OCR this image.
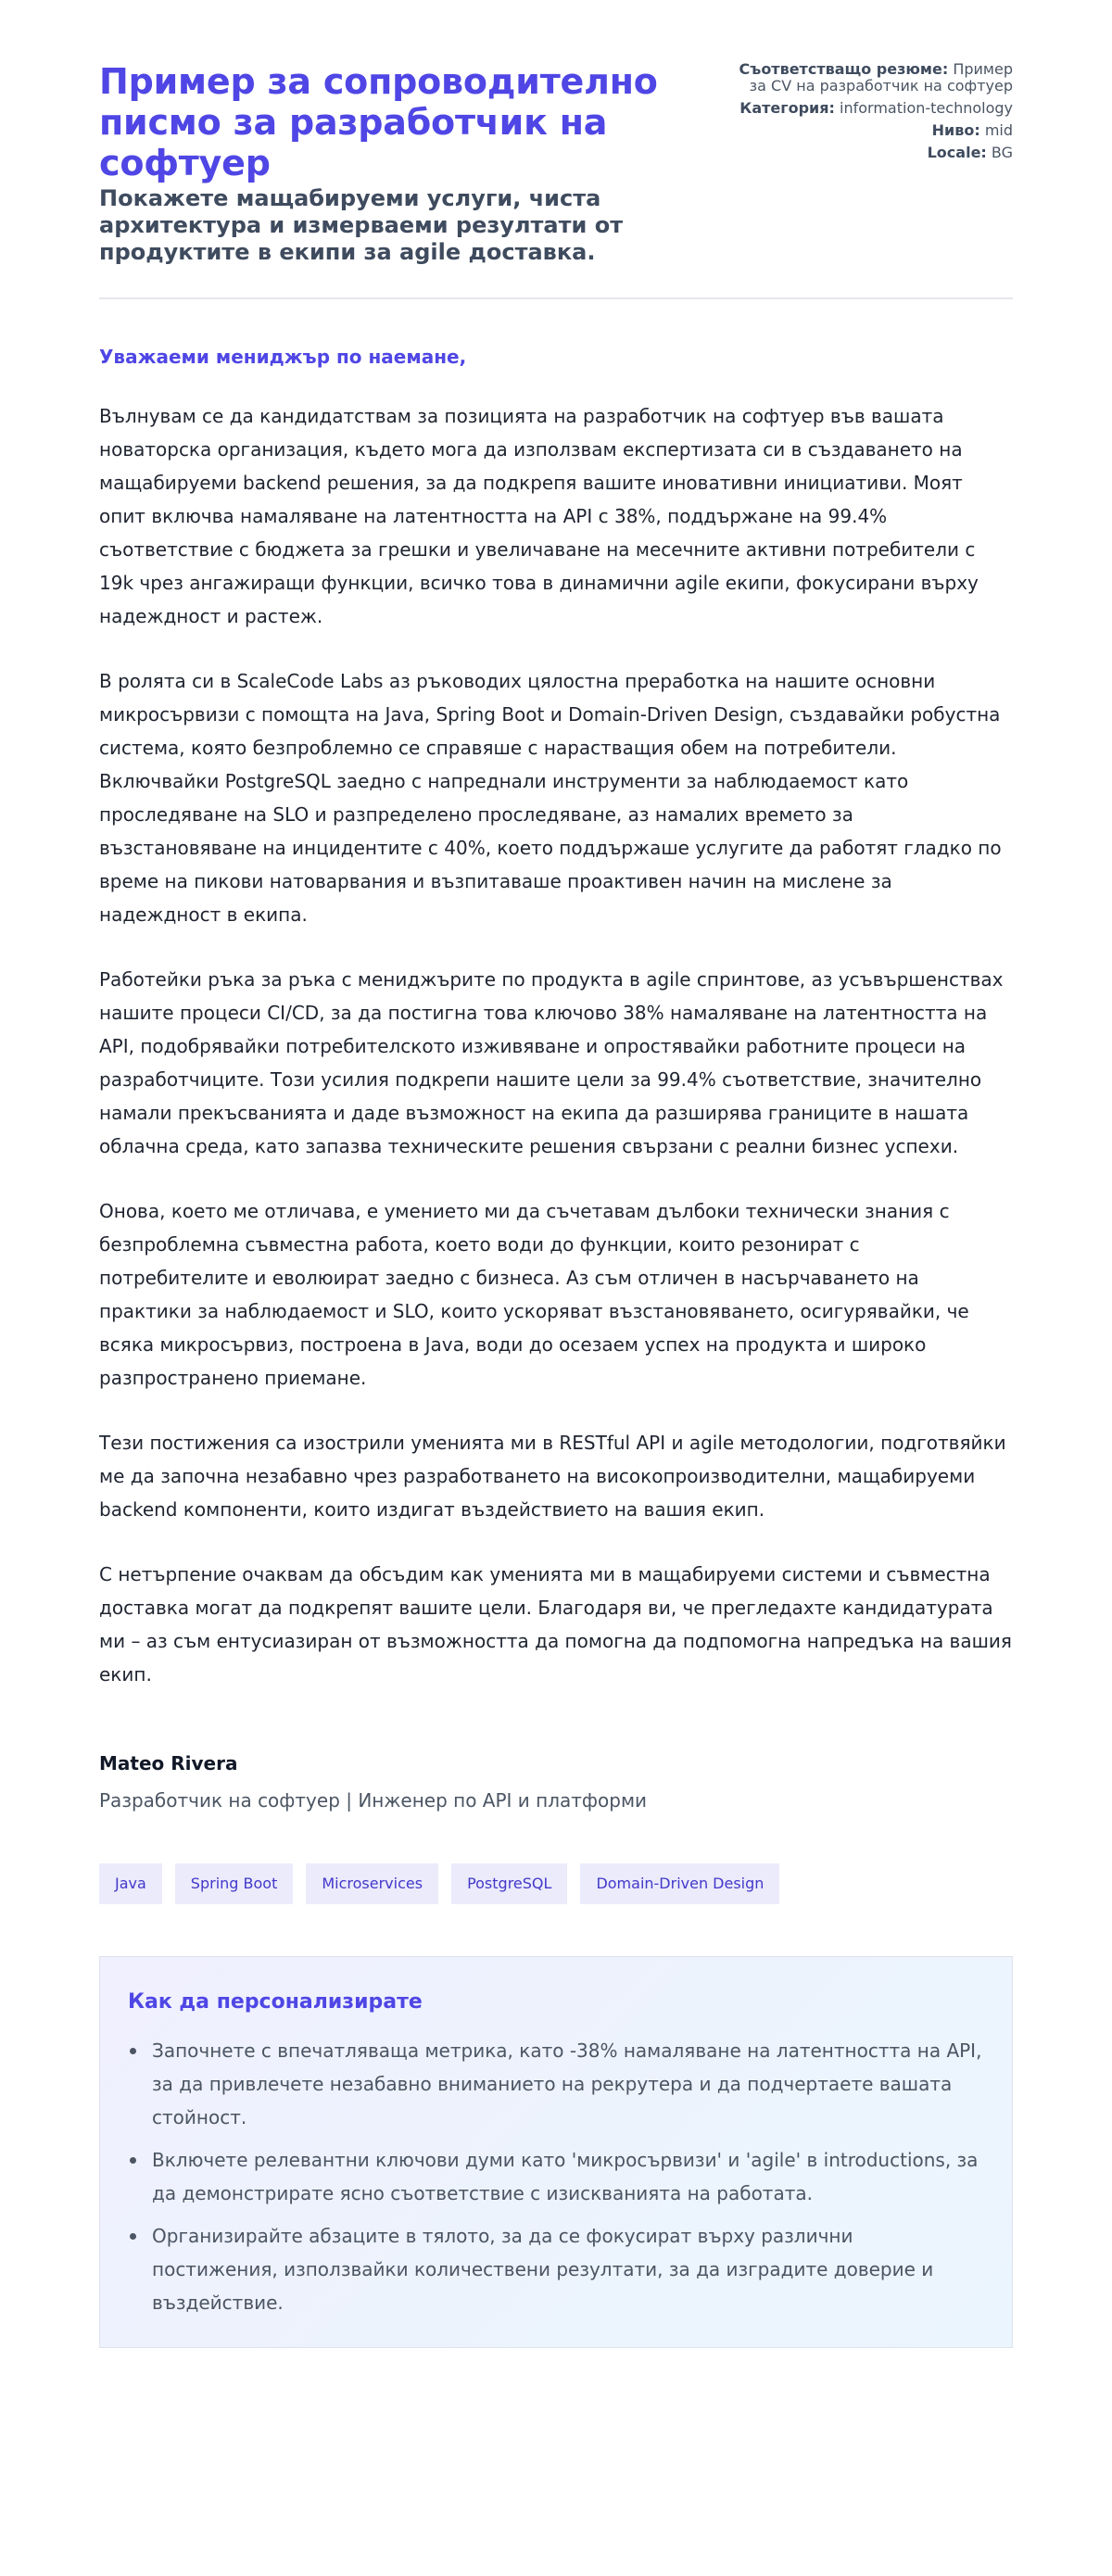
Пример за сопроводително писмо за разработчик на софтуер
Покажете мащабируеми услуги, чиста архитектура и измерваеми резултати от продуктите в екипи за agile доставка.
Съответстващо резюме: Пример за CV на разработчик на софтуер
Категория: information-technology
Ниво: mid
Locale: BG

Уважаеми мениджър по наемане,

Вълнувам се да кандидатствам за позицията на разработчик на софтуер във вашата новаторска организация, където мога да използвам експертизата си в създаването на мащабируеми backend решения, за да подкрепя вашите иновативни инициативи. Моят опит включва намаляване на латентността на API с 38%, поддържане на 99.4% съответствие с бюджета за грешки и увеличаване на месечните активни потребители с 19k чрез ангажиращи функции, всичко това в динамични agile екипи, фокусирани върху надеждност и растеж.

В ролята си в ScaleCode Labs аз ръководих цялостна преработка на нашите основни микросървизи с помощта на Java, Spring Boot и Domain-Driven Design, създавайки робустна система, която безпроблемно се справяше с нарастващия обем на потребители. Включвайки PostgreSQL заедно с напреднали инструменти за наблюдаемост като проследяване на SLO и разпределено проследяване, аз намалих времето за възстановяване на инцидентите с 40%, което поддържаше услугите да работят гладко по време на пикови натоварвания и възпитаваше проактивен начин на мислене за надеждност в екипа.

Работейки ръка за ръка с мениджърите по продукта в agile спринтове, аз усъвършенствах нашите процеси CI/CD, за да постигна това ключово 38% намаляване на латентността на API, подобрявайки потребителското изживяване и опростявайки работните процеси на разработчиците. Този усилия подкрепи нашите цели за 99.4% съответствие, значително намали прекъсванията и даде възможност на екипа да разширява границите в нашата облачна среда, като запазва техническите решения свързани с реални бизнес успехи.

Онова, което ме отличава, е умението ми да съчетавам дълбоки технически знания с безпроблемна съвместна работа, което води до функции, които резонират с потребителите и еволюират заедно с бизнеса. Аз съм отличен в насърчаването на практики за наблюдаемост и SLO, които ускоряват възстановяването, осигурявайки, че всяка микросървиз, построена в Java, води до осезаем успех на продукта и широко разпространено приемане.

Тези постижения са изострили уменията ми в RESTful API и agile методологии, подготвяйки ме да започна незабавно чрез разработването на високопроизводителни, мащабируеми backend компоненти, които издигат въздействието на вашия екип.

С нетърпение очаквам да обсъдим как уменията ми в мащабируеми системи и съвместна доставка могат да подкрепят вашите цели. Благодаря ви, че прегледахте кандидатурата ми – аз съм ентусиазиран от възможността да помогна да подпомогна напредъка на вашия екип.

Mateo Rivera
Разработчик на софтуер | Инженер по API и платформи
Java	Spring Boot	Microservices	PostgreSQL	Domain-Driven Design
Как да персонализирате
Започнете с впечатляваща метрика, като -38% намаляване на латентността на API, за да привлечете незабавно вниманието на рекрутера и да подчертаете вашата стойност.
Включете релевантни ключови думи като 'микросървизи' и 'agile' в introductions, за да демонстрирате ясно съответствие с изискванията на работата.
Организирайте абзаците в тялото, за да се фокусират върху различни постижения, използвайки количествени резултати, за да изградите доверие и въздействие.
